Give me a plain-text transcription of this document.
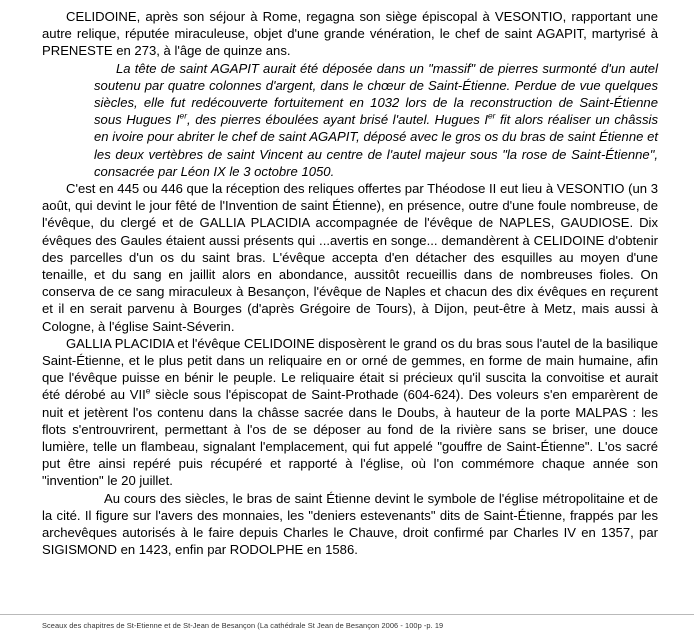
CELIDOINE, après son séjour à Rome, regagna son siège épiscopal à VESONTIO, rapportant une autre relique, réputée miraculeuse, objet d'une grande vénération, le chef de saint AGAPIT, martyrisé à PRENESTE en 273, à l'âge de quinze ans.

La tête de saint AGAPIT aurait été déposée dans un "massif" de pierres surmonté d'un autel soutenu par quatre colonnes d'argent, dans le chœur de Saint-Étienne. Perdue de vue quelques siècles, elle fut redécouverte fortuitement en 1032 lors de la reconstruction de Saint-Étienne sous Hugues Ier, des pierres éboulées ayant brisé l'autel. Hugues Ier fit alors réaliser un châssis en ivoire pour abriter le chef de saint AGAPIT, déposé avec le gros os du bras de saint Étienne et les deux vertèbres de saint Vincent au centre de l'autel majeur sous "la rose de Saint-Étienne", consacrée par Léon IX le 3 octobre 1050.

C'est en 445 ou 446 que la réception des reliques offertes par Théodose II eut lieu à VESONTIO (un 3 août, qui devint le jour fêté de l'Invention de saint Étienne), en présence, outre d'une foule nombreuse, de l'évêque, du clergé et de GALLIA PLACIDIA accompagnée de l'évêque de NAPLES, GAUDIOSE. Dix évêques des Gaules étaient aussi présents qui ...avertis en songe... demandèrent à CELIDOINE d'obtenir des parcelles d'un os du saint bras. L'évêque accepta d'en détacher des esquilles au moyen d'une tenaille, et du sang en jaillit alors en abondance, aussitôt recueillis dans de nombreuses fioles. On conserva de ce sang miraculeux à Besançon, l'évêque de Naples et chacun des dix évêques en reçurent et il en serait parvenu à Bourges (d'après Grégoire de Tours), à Dijon, peut-être à Metz, mais aussi à Cologne, à l'église Saint-Séverin.

GALLIA PLACIDIA et l'évêque CELIDOINE disposèrent le grand os du bras sous l'autel de la basilique Saint-Étienne, et le plus petit dans un reliquaire en or orné de gemmes, en forme de main humaine, afin que l'évêque puisse en bénir le peuple. Le reliquaire était si précieux qu'il suscita la convoitise et aurait été dérobé au VIIe siècle sous l'épiscopat de Saint-Prothade (604-624). Des voleurs s'en emparèrent de nuit et jetèrent l'os contenu dans la châsse sacrée dans le Doubs, à hauteur de la porte MALPAS : les flots s'entrouvrirent, permettant à l'os de se déposer au fond de la rivière sans se briser, une douce lumière, telle un flambeau, signalant l'emplacement, qui fut appelé "gouffre de Saint-Étienne". L'os sacré put être ainsi repéré puis récupéré et rapporté à l'église, où l'on commémore chaque année son "invention" le 20 juillet.

Au cours des siècles, le bras de saint Étienne devint le symbole de l'église métropolitaine et de la cité. Il figure sur l'avers des monnaies, les "deniers estevenants" dits de Saint-Étienne, frappés par les archevêques autorisés à le faire depuis Charles le Chauve, droit confirmé par Charles IV en 1357, par SIGISMOND en 1423, enfin par RODOLPHE en 1586.

Sceaux des chapitres de St-Etienne et de St-Jean de Besançon (La cathédrale St Jean de Besançon 2006 - 100p -p. 19
